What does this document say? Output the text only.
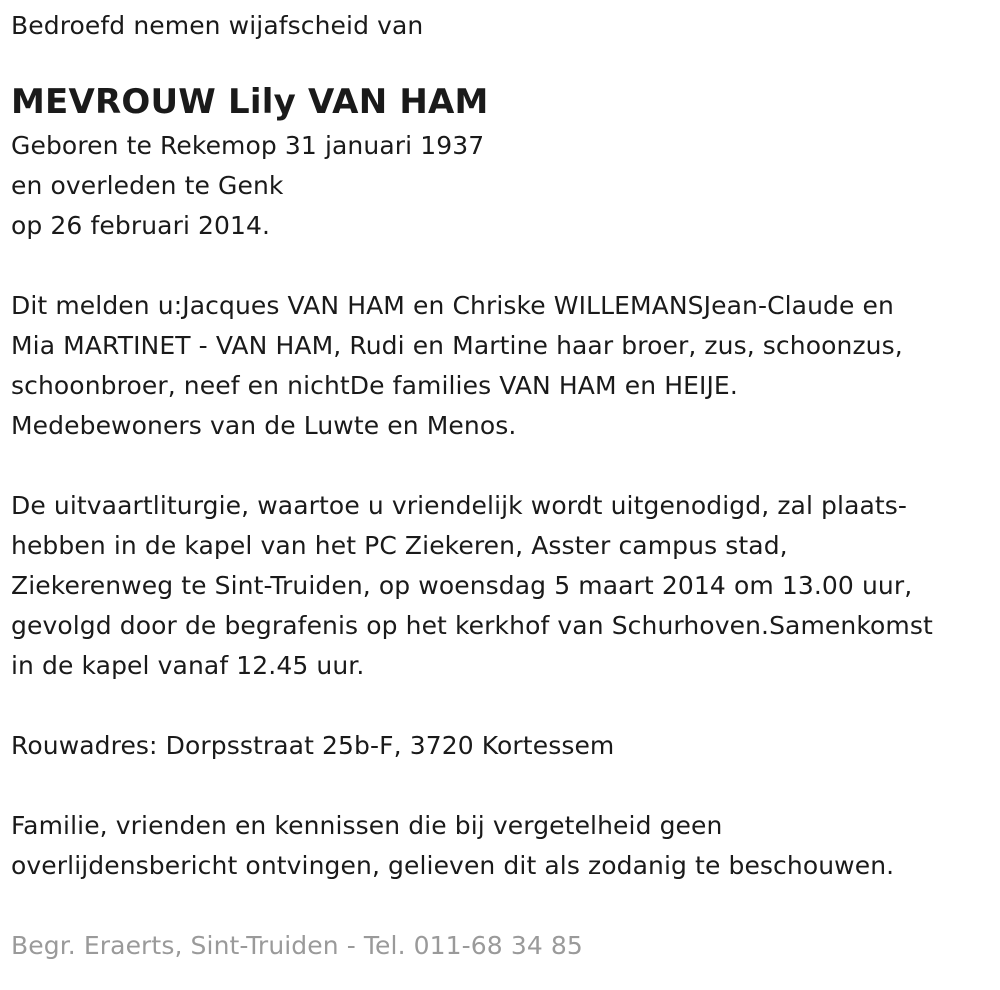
Bedroefd nemen wijafscheid van
MEVROUW Lily VAN HAM
Geboren te Rekemop 31 januari 1937
en overleden te Genk
op 26 februari 2014.
Dit melden u:Jacques VAN HAM en Chriske WILLEMANSJean-Claude en
Mia MARTINET - VAN HAM, Rudi en Martine haar broer, zus, schoonzus,
schoonbroer, neef en nichtDe families VAN HAM en HEIJE.
Medebewoners van de Luwte en Menos.
De uitvaartliturgie, waartoe u vriendelijk wordt uitgenodigd, zal plaats-
hebben in de kapel van het PC Ziekeren, Asster campus stad,
Ziekerenweg te Sint-Truiden, op woensdag 5 maart 2014 om 13.00 uur,
gevolgd door de begrafenis op het kerkhof van Schurhoven.Samenkomst
in de kapel vanaf 12.45 uur.
Rouwadres: Dorpsstraat 25b-F, 3720 Kortessem
Familie, vrienden en kennissen die bij vergetelheid geen
overlijdensbericht ontvingen, gelieven dit als zodanig te beschouwen.
Begr. Eraerts, Sint-Truiden - Tel. 011-68 34 85
